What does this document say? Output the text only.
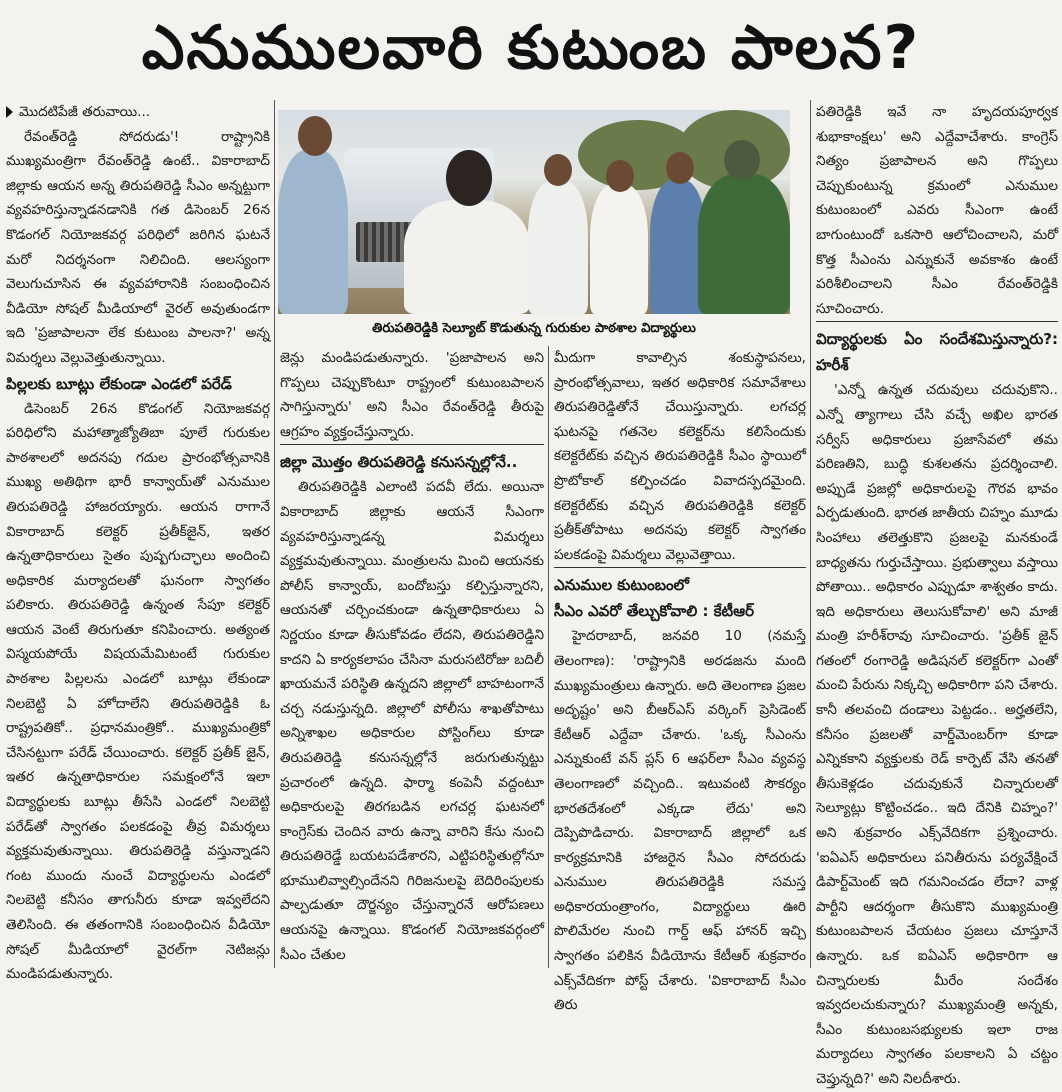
ఎనుములవారి కుటుంబ పాలన?

మొదటిపేజీ తరువాయి...

రేవంత్‌రెడ్డి సోదరుడు'! రాష్ట్రానికి ముఖ్యమంత్రిగా రేవంత్‌రెడ్డి ఉంటే.. వికారాబాద్ జిల్లాకు ఆయన అన్న తిరుపతిరెడ్డి సీఎం అన్నట్టుగా వ్యవహరిస్తున్నాడనడానికి గత డిసెంబర్ 26న కొడంగల్ నియోజకవర్గ పరిధిలో జరిగిన ఘటనే మరో నిదర్శనంగా నిలిచింది. ఆలస్యంగా వెలుగుచూసిన ఈ వ్యవహారానికి సంబంధించిన వీడియో సోషల్ మీడియాలో వైరల్ అవుతుండగా ఇది 'ప్రజాపాలనా లేక కుటుంబ పాలనా?' అన్న విమర్శలు వెల్లువెత్తుతున్నాయి.

పిల్లలకు బూట్లు లేకుండా ఎండలో పరేడ్

డిసెంబర్ 26న కొడంగల్ నియోజకవర్గ పరిధిలోని మహాత్మాజ్యోతిబా పూలే గురుకుల పాఠశాలలో అదనపు గదుల ప్రారంభోత్సవానికి ముఖ్య అతిథిగా భారీ కాన్వాయ్‌తో ఎనుముల తిరుపతిరెడ్డి హాజరయ్యారు. ఆయన రాగానే వికారాబాద్ కలెక్టర్ ప్రతీక్‌జైన్, ఇతర ఉన్నతాధికారులు సైతం పుష్పగుచ్ఛాలు అందించి అధికారిక మర్యాదలతో ఘనంగా స్వాగతం పలికారు. తిరుపతిరెడ్డి ఉన్నంత సేపూ కలెక్టర్ ఆయన వెంటే తిరుగుతూ కనిపించారు. అత్యంత విస్మయపోయే విషయమేమిటంటే గురుకుల పాఠశాల పిల్లలను ఎండలో బూట్లు లేకుండా నిలబెట్టి ఏ హోదాలేని తిరుపతిరెడ్డికి ఓ రాష్ట్రపతికో.. ప్రధానమంత్రికో.. ముఖ్యమంత్రికో చేసినట్టుగా పరేడ్ చేయించారు. కలెక్టర్ ప్రతీక్ జైన్, ఇతర ఉన్నతాధికారుల సమక్షంలోనే ఇలా విద్యార్థులకు బూట్లు తీసేసి ఎండలో నిలబెట్టి పరేడ్‌తో స్వాగతం పలకడంపై తీవ్ర విమర్శలు వ్యక్తమవుతున్నాయి. తిరుపతిరెడ్డి వస్తున్నాడని గంట ముందు నుంచే విద్యార్థులను ఎండలో నిలబెట్టి కనీసం తాగునీరు కూడా ఇవ్వలేదని తెలిసింది. ఈ తతంగానికి సంబంధించిన వీడియో సోషల్ మీడియాలో వైరల్‌గా నెటిజన్లు మండిపడుతున్నారు.

తిరుపతిరెడ్డికి సెల్యూట్ కొడుతున్న గురుకుల పాఠశాల విద్యార్థులు

జెన్లు మండిపడుతున్నారు. 'ప్రజాపాలన అని గొప్పలు చెప్పుకొంటూ రాష్ట్రంలో కుటుంబపాలన సాగిస్తున్నారు' అని సీఎం రేవంత్‌రెడ్డి తీరుపై ఆగ్రహం వ్యక్తంచేస్తున్నారు.

జిల్లా మొత్తం తిరుపతిరెడ్డి కనుసన్నల్లోనే..

తిరుపతిరెడ్డికి ఎలాంటి పదవీ లేదు. అయినా వికారాబాద్ జిల్లాకు ఆయనే సీఎంగా వ్యవహరిస్తున్నాడన్న విమర్శలు వ్యక్తమవుతున్నాయి. మంత్రులను మించి ఆయనకు పోలీస్ కాన్వాయ్, బందోబస్తు కల్పిస్తున్నారని, ఆయనతో చర్చించకుండా ఉన్నతాధికారులు ఏ నిర్ణయం కూడా తీసుకోవడం లేదని, తిరుపతిరెడ్డిని కాదని ఏ కార్యకలాపం చేసినా మరుసటిరోజు బదిలీ ఖాయమనే పరిస్థితి ఉన్నదని జిల్లాలో బాహటంగానే చర్చ నడుస్తున్నది. జిల్లాలో పోలీసు శాఖతోపాటు అన్నిశాఖల అధికారుల పోస్టింగ్‌లు కూడా తిరుపతిరెడ్డి కనుసన్నల్లోనే జరుగుతున్నట్టు ప్రచారంలో ఉన్నది. ఫార్మా కంపెనీ వద్దంటూ అధికారులపై తిరగబడిన లగచర్ల ఘటనలో కాంగ్రెస్‌కు చెందిన వారు ఉన్నా వారిని కేసు నుంచి తిరుపతిరెడ్డే బయటపడేశారని, ఎట్టిపరిస్థితుల్లోనూ భూములివ్వాల్సిందేనని గిరిజనులపై బెదిరింపులకు పాల్పడుతూ దౌర్జన్యం చేస్తున్నారనే ఆరోపణలు ఆయనపై ఉన్నాయి. కొడంగల్ నియోజకవర్గంలో సీఎం చేతుల

మీదుగా కావాల్సిన శంకుస్థాపనలు, ప్రారంభోత్సవాలు, ఇతర అధికారిక సమావేశాలు తిరుపతిరెడ్డితోనే చేయిస్తున్నారు. లగచర్ల ఘటనపై గతనెల కలెక్టర్‌ను కలిసేందుకు కలెక్టరేట్‌కు వచ్చిన తిరుపతిరెడ్డికి సీఎం స్థాయిలో ప్రొటోకాల్ కల్పించడం వివాదస్పదమైంది. కలెక్టరేట్‌కు వచ్చిన తిరుపతిరెడ్డికి కలెక్టర్ ప్రతీక్‌తోపాటు అదనపు కలెక్టర్ స్వాగతం పలకడంపై విమర్శలు వెల్లువెత్తాయి.

ఎనుముల కుటుంబంలో

సీఎం ఎవరో తేల్చుకోవాలి : కేటీఆర్

హైదరాబాద్, జనవరి 10 (నమస్తే తెలంగాణ): 'రాష్ట్రానికి అరడజను మంది ముఖ్యమంత్రులు ఉన్నారు. అది తెలంగాణ ప్రజల అదృష్టం' అని బీఆర్‌ఎస్ వర్కింగ్ ప్రెసిడెంట్ కేటీఆర్ ఎద్దేవా చేశారు. 'ఒక్క సీఎంను ఎన్నుకుంటే వన్ ప్లస్ 6 ఆఫర్‌లా సీఎం వ్యవస్థ తెలంగాణలో వచ్చింది.. ఇటువంటి సౌకర్యం భారతదేశంలో ఎక్కడా లేదు' అని దెప్పిపొడిచారు. వికారాబాద్ జిల్లాలో ఒక కార్యక్రమానికి హాజరైన సీఎం సోదరుడు ఎనుముల తిరుపతిరెడ్డికి సమస్త అధికారయంత్రాంగం, విద్యార్థులు ఊరి పొలిమేరల నుంచి గార్డ్ ఆఫ్ హానర్ ఇచ్చి స్వాగతం పలికిన వీడియోను కేటీఆర్ శుక్రవారం ఎక్స్‌వేదికగా పోస్ట్ చేశారు. 'వికారాబాద్ సీఎం తిరు

పతిరెడ్డికి ఇవే నా హృదయపూర్వక శుభాకాంక్షలు' అని ఎద్దేవాచేశారు. కాంగ్రెస్ నిత్యం ప్రజాపాలన అని గొప్పలు చెప్పుకుంటున్న క్రమంలో ఎనుముల కుటుంబంలో ఎవరు సీఎంగా ఉంటే బాగుంటుందో ఒకసారి ఆలోచించాలని, మరో కొత్త సీఎంను ఎన్నుకునే అవకాశం ఉంటే పరిశీలించాలని సీఎం రేవంత్‌రెడ్డికి సూచించారు.

విద్యార్థులకు ఏం సందేశమిస్తున్నారు?: హరీశ్

'ఎన్నో ఉన్నత చదువులు చదువుకొని.. ఎన్నో త్యాగాలు చేసి వచ్చే అఖిల భారత సర్వీస్ అధికారులు ప్రజాసేవలో తమ పరిణతిని, బుద్ధి కుశలతను ప్రదర్శించాలి. అప్పుడే ప్రజల్లో అధికారులపై గౌరవ భావం ఏర్పడుతుంది. భారత జాతీయ చిహ్నం మూడు సింహాలు తలెత్తుకొని ప్రజలపై మనకుండే బాధ్యతను గుర్తుచేస్తాయి. ప్రభుత్వాలు వస్తాయి పోతాయి.. అధికారం ఎప్పుడూ శాశ్వతం కాదు. ఇది అధికారులు తెలుసుకోవాలి' అని మాజీ మంత్రి హరీశ్‌రావు సూచించారు. 'ప్రతీక్ జైన్ గతంలో రంగారెడ్డి అడిషనల్ కలెక్టర్‌గా ఎంతో మంచి పేరును నిక్కచ్చి అధికారిగా పని చేశారు. కానీ తలవంచి దండాలు పెట్టడం.. అర్హతలేని, కనీసం ప్రజలతో వార్డ్‌మెంబర్‌గా కూడా ఎన్నికకాని వ్యక్తులకు రెడ్ కార్పెట్ వేసి తనతో తీసుకెళ్లడం చదువుకునే చిన్నారులతో సెల్యూట్లు కొట్టించడం.. ఇది దేనికి చిహ్నం?' అని శుక్రవారం ఎక్స్‌వేదికగా ప్రశ్నించారు. 'ఐఏఎస్ అధికారులు పనితీరును పర్యవేక్షించే డిపార్ట్‌మెంట్ ఇది గమనించడం లేదా? వాళ్ల పార్టీని ఆదర్శంగా తీసుకొని ముఖ్యమంత్రి కుటుంబపాలన చేయటం ప్రజలు చూస్తూనే ఉన్నారు. ఒక ఐఏఎస్ అధికారిగా ఆ చిన్నారులకు మీరేం సందేశం ఇవ్వదలచుకున్నారు? ముఖ్యమంత్రి అన్నకు, సీఎం కుటుంబసభ్యులకు ఇలా రాజ మర్యాదలు స్వాగతం పలకాలని ఏ చట్టం చెప్తున్నది?' అని నిలదీశారు.
